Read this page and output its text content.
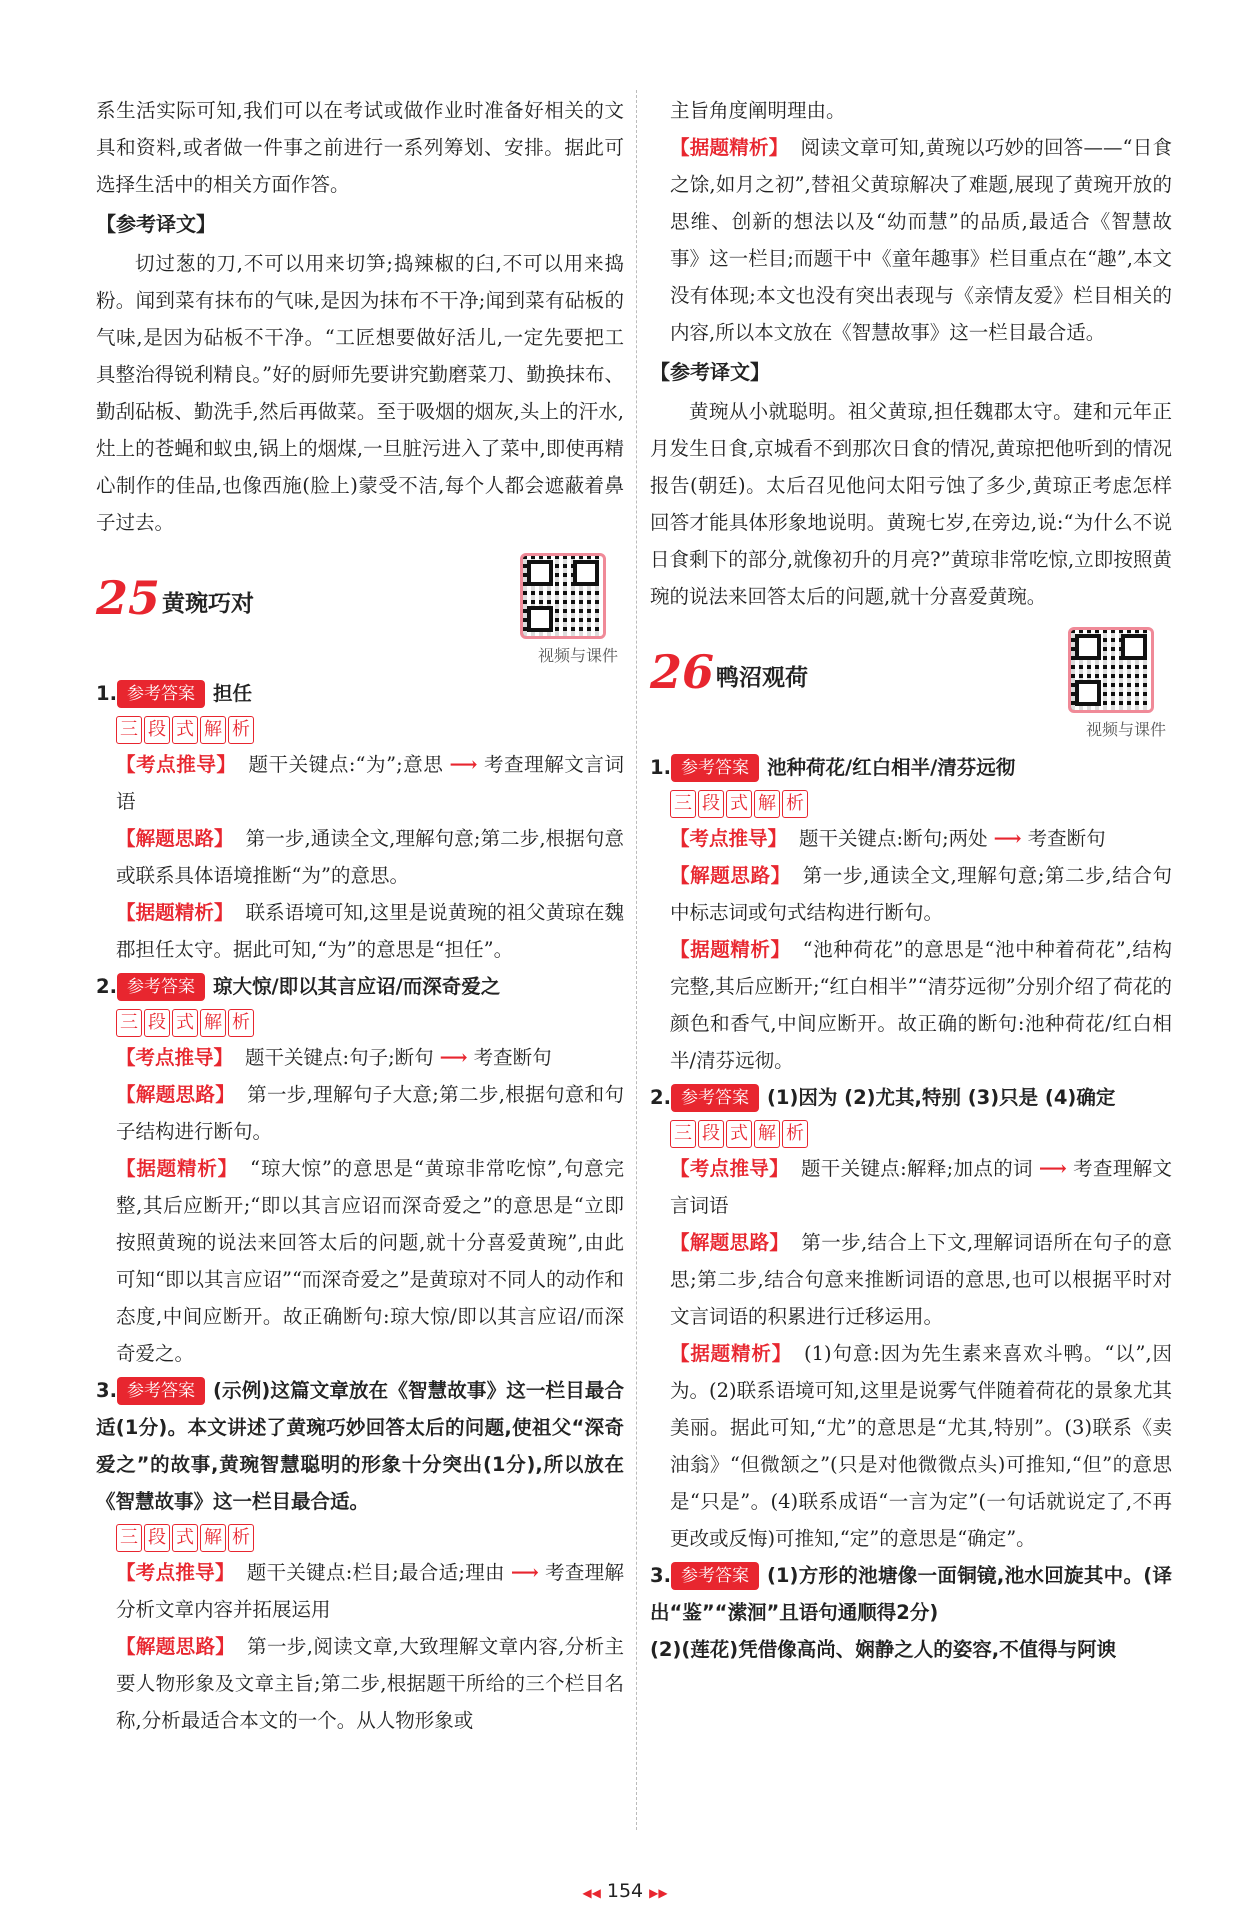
系生活实际可知,我们可以在考试或做作业时准备好相关的文具和资料,或者做一件事之前进行一系列筹划、安排。据此可选择生活中的相关方面作答。

【参考译文】

切过葱的刀,不可以用来切笋;捣辣椒的臼,不可以用来捣粉。闻到菜有抹布的气味,是因为抹布不干净;闻到菜有砧板的气味,是因为砧板不干净。“工匠想要做好活儿,一定先要把工具整治得锐利精良。”好的厨师先要讲究勤磨菜刀、勤换抹布、勤刮砧板、勤洗手,然后再做菜。至于吸烟的烟灰,头上的汗水,灶上的苍蝇和蚁虫,锅上的烟煤,一旦脏污进入了菜中,即使再精心制作的佳品,也像西施(脸上)蒙受不洁,每个人都会遮蔽着鼻子过去。

25 黄琬巧对
视频与课件

1. 参考答案 担任

三 段 式 解 析

【考点推导】 题干关键点:“为”;意思 ⟶ 考查理解文言词语

【解题思路】 第一步,通读全文,理解句意;第二步,根据句意或联系具体语境推断“为”的意思。

【据题精析】 联系语境可知,这里是说黄琬的祖父黄琼在魏郡担任太守。据此可知,“为”的意思是“担任”。

2. 参考答案 琼大惊/即以其言应诏/而深奇爱之

三 段 式 解 析

【考点推导】 题干关键点:句子;断句 ⟶ 考查断句

【解题思路】 第一步,理解句子大意;第二步,根据句意和句子结构进行断句。

【据题精析】 “琼大惊”的意思是“黄琼非常吃惊”,句意完整,其后应断开;“即以其言应诏而深奇爱之”的意思是“立即按照黄琬的说法来回答太后的问题,就十分喜爱黄琬”,由此可知“即以其言应诏”“而深奇爱之”是黄琼对不同人的动作和态度,中间应断开。故正确断句:琼大惊/即以其言应诏/而深奇爱之。

3. 参考答案 (示例)这篇文章放在《智慧故事》这一栏目最合适(1分)。本文讲述了黄琬巧妙回答太后的问题,使祖父“深奇爱之”的故事,黄琬智慧聪明的形象十分突出(1分),所以放在《智慧故事》这一栏目最合适。

三 段 式 解 析

【考点推导】 题干关键点:栏目;最合适;理由 ⟶ 考查理解分析文章内容并拓展运用

【解题思路】 第一步,阅读文章,大致理解文章内容,分析主要人物形象及文章主旨;第二步,根据题干所给的三个栏目名称,分析最适合本文的一个。从人物形象或

主旨角度阐明理由。

【据题精析】 阅读文章可知,黄琬以巧妙的回答——“日食之馀,如月之初”,替祖父黄琼解决了难题,展现了黄琬开放的思维、创新的想法以及“幼而慧”的品质,最适合《智慧故事》这一栏目;而题干中《童年趣事》栏目重点在“趣”,本文没有体现;本文也没有突出表现与《亲情友爱》栏目相关的内容,所以本文放在《智慧故事》这一栏目最合适。

【参考译文】

黄琬从小就聪明。祖父黄琼,担任魏郡太守。建和元年正月发生日食,京城看不到那次日食的情况,黄琼把他听到的情况报告(朝廷)。太后召见他问太阳亏蚀了多少,黄琼正考虑怎样回答才能具体形象地说明。黄琬七岁,在旁边,说:“为什么不说日食剩下的部分,就像初升的月亮?”黄琼非常吃惊,立即按照黄琬的说法来回答太后的问题,就十分喜爱黄琬。

26 鸭沼观荷
视频与课件

1. 参考答案 池种荷花/红白相半/清芬远彻

三 段 式 解 析

【考点推导】 题干关键点:断句;两处 ⟶ 考查断句

【解题思路】 第一步,通读全文,理解句意;第二步,结合句中标志词或句式结构进行断句。

【据题精析】 “池种荷花”的意思是“池中种着荷花”,结构完整,其后应断开;“红白相半”“清芬远彻”分别介绍了荷花的颜色和香气,中间应断开。故正确的断句:池种荷花/红白相半/清芬远彻。

2. 参考答案 (1)因为 (2)尤其,特别 (3)只是 (4)确定

三 段 式 解 析

【考点推导】 题干关键点:解释;加点的词 ⟶ 考查理解文言词语

【解题思路】 第一步,结合上下文,理解词语所在句子的意思;第二步,结合句意来推断词语的意思,也可以根据平时对文言词语的积累进行迁移运用。

【据题精析】 (1)句意:因为先生素来喜欢斗鸭。“以”,因为。(2)联系语境可知,这里是说雾气伴随着荷花的景象尤其美丽。据此可知,“尤”的意思是“尤其,特别”。(3)联系《卖油翁》“但微颔之”(只是对他微微点头)可推知,“但”的意思是“只是”。(4)联系成语“一言为定”(一句话就说定了,不再更改或反悔)可推知,“定”的意思是“确定”。

3. 参考答案 (1)方形的池塘像一面铜镜,池水回旋其中。(译出“鉴”“潆洄”且语句通顺得2分)

(2)(莲花)凭借像高尚、娴静之人的姿容,不值得与阿谀

◀◀ 154 ▶▶
